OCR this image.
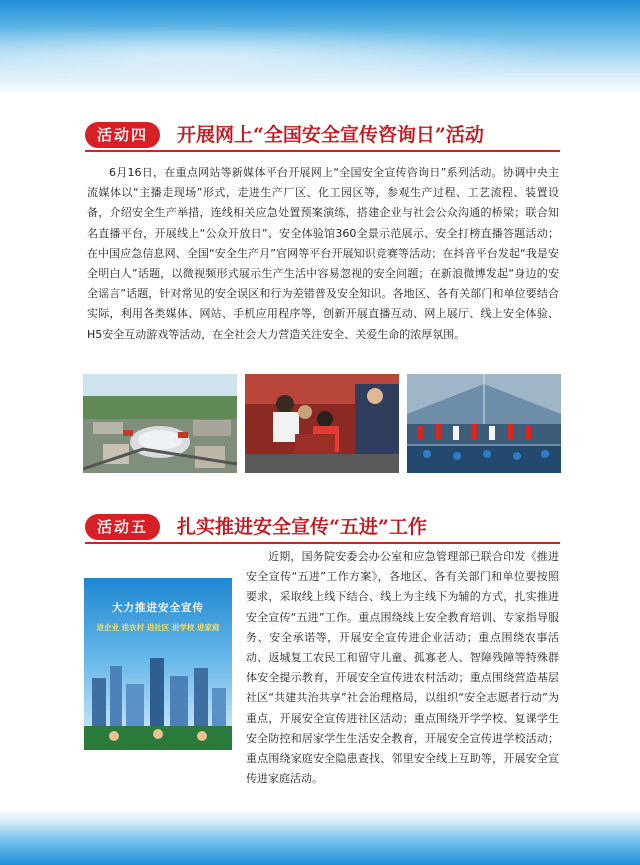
活动四	开展网上“全国安全宣传咨询日”活动
6月16日，在重点网站等新媒体平台开展网上“全国安全宣传咨询日”系列活动。协调中央主流媒体以“主播走现场”形式，走进生产厂区、化工园区等，参观生产过程、工艺流程、装置设备，介绍安全生产举措，连线相关应急处置预案演练，搭建企业与社会公众沟通的桥梁；联合知名直播平台，开展线上“公众开放日”、安全体验馆360全景示范展示、安全打榜直播答题活动；在中国应急信息网、全国“安全生产月”官网等平台开展知识竞赛等活动；在抖音平台发起“我是安全明白人”话题，以微视频形式展示生产生活中容易忽视的安全问题；在新浪微博发起“身边的安全谣言”话题，针对常见的安全误区和行为差错普及安全知识。各地区、各有关部门和单位要结合实际，利用各类媒体、网站、手机应用程序等，创新开展直播互动、网上展厅、线上安全体验、H5安全互动游戏等活动，在全社会大力营造关注安全、关爱生命的浓厚氛围。
活动五	扎实推进安全宣传“五进”工作
大力推进安全宣传
进企业 进农村 进社区 进学校 进家庭
近期，国务院安委会办公室和应急管理部已联合印发《推进安全宣传“五进”工作方案》，各地区、各有关部门和单位要按照要求，采取线上线下结合、线上为主线下为辅的方式，扎实推进安全宣传“五进”工作。重点围绕线上安全教育培训、专家指导服务、安全承诺等，开展安全宣传进企业活动；重点围绕农事活动、返城复工农民工和留守儿童、孤寡老人、智障残障等特殊群体安全提示教育，开展安全宣传进农村活动；重点围绕营造基层社区“共建共治共享”社会治理格局，以组织“安全志愿者行动”为重点，开展安全宣传进社区活动；重点围绕开学学校、复课学生安全防控和居家学生生活安全教育，开展安全宣传进学校活动；重点围绕家庭安全隐患查找、邻里安全线上互助等，开展安全宣传进家庭活动。
